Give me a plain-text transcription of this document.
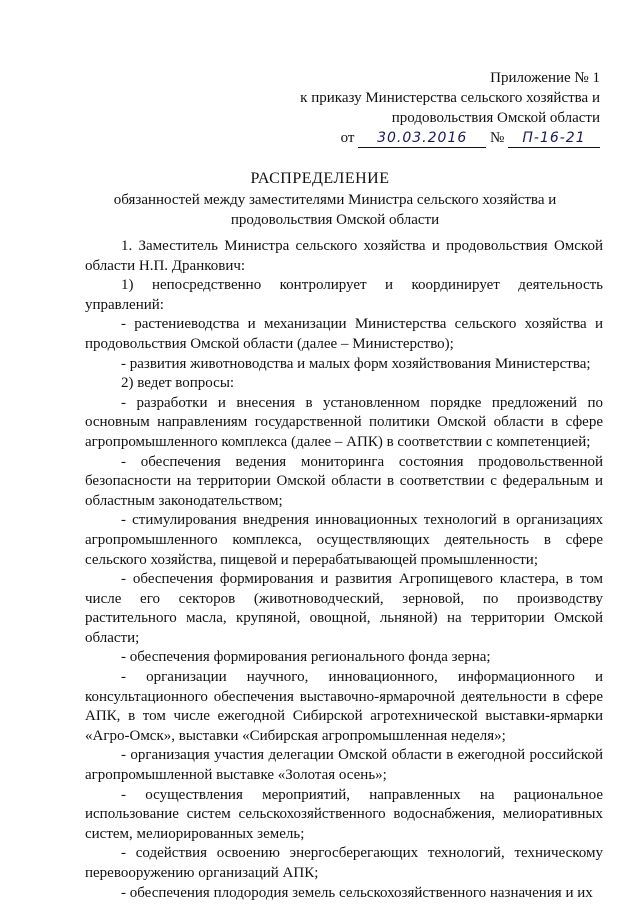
Приложение № 1
к приказу Министерства сельского хозяйства и
продовольствия Омской области
от 30.03.2016 № П-16-21
РАСПРЕДЕЛЕНИЕ
обязанностей между заместителями Министра сельского хозяйства и продовольствия Омской области

1. Заместитель Министра сельского хозяйства и продовольствия Омской области Н.П. Дранкович:

1) непосредственно контролирует и координирует деятельность управлений:

- растениеводства и механизации Министерства сельского хозяйства и продовольствия Омской области (далее – Министерство);

- развития животноводства и малых форм хозяйствования Министерства;

2) ведет вопросы:

- разработки и внесения в установленном порядке предложений по основным направлениям государственной политики Омской области в сфере агропромышленного комплекса (далее – АПК) в соответствии с компетенцией;

- обеспечения ведения мониторинга состояния продовольственной безопасности на территории Омской области в соответствии с федеральным и областным законодательством;

- стимулирования внедрения инновационных технологий в организациях агропромышленного комплекса, осуществляющих деятельность в сфере сельского хозяйства, пищевой и перерабатывающей промышленности;

- обеспечения формирования и развития Агропищевого кластера, в том числе его секторов (животноводческий, зерновой, по производству растительного масла, крупяной, овощной, льняной) на территории Омской области;

- обеспечения формирования регионального фонда зерна;

- организации научного, инновационного, информационного и консультационного обеспечения выставочно-ярмарочной деятельности в сфере АПК, в том числе ежегодной Сибирской агротехнической выставки-ярмарки «Агро-Омск», выставки «Сибирская агропромышленная неделя»;

- организация участия делегации Омской области в ежегодной российской агропромышленной выставке «Золотая осень»;

- осуществления мероприятий, направленных на рациональное использование систем сельскохозяйственного водоснабжения, мелиоративных систем, мелиорированных земель;

- содействия освоению энергосберегающих технологий, техническому перевооружению организаций АПК;

- обеспечения плодородия земель сельскохозяйственного назначения и их
